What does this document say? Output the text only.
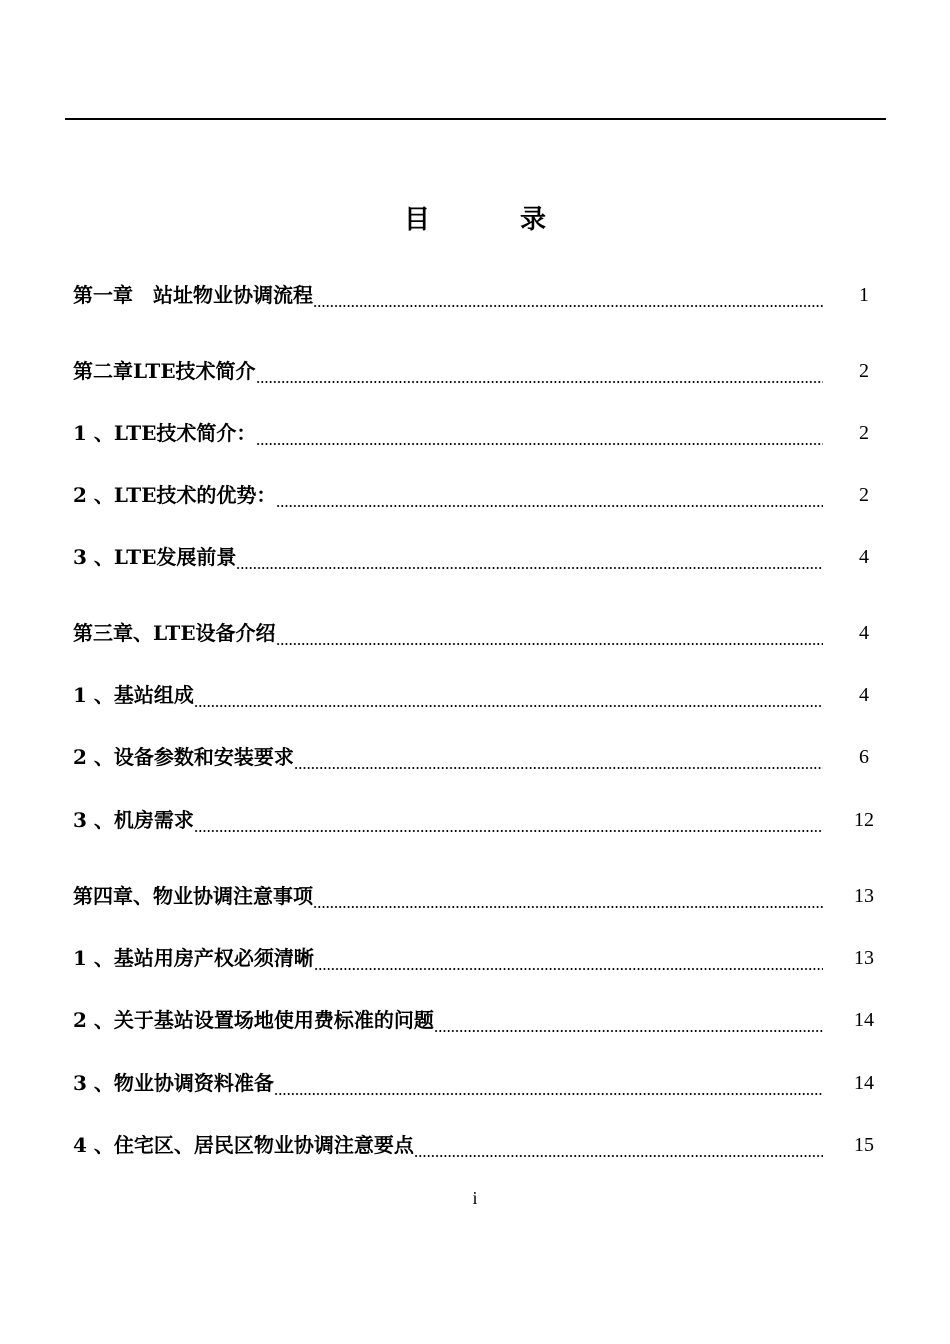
目　录
第一章　站址物业协调流程	1
第二章LTE技术简介	2
1 、LTE技术简介：	2
2 、LTE技术的优势：	2
3 、LTE发展前景	4
第三章、LTE设备介绍	4
1 、基站组成	4
2 、设备参数和安装要求	6
3 、机房需求	12
第四章、物业协调注意事项	13
1 、基站用房产权必须清晰	13
2 、关于基站设置场地使用费标准的问题	14
3 、物业协调资料准备	14
4 、住宅区、居民区物业协调注意要点	15
i
